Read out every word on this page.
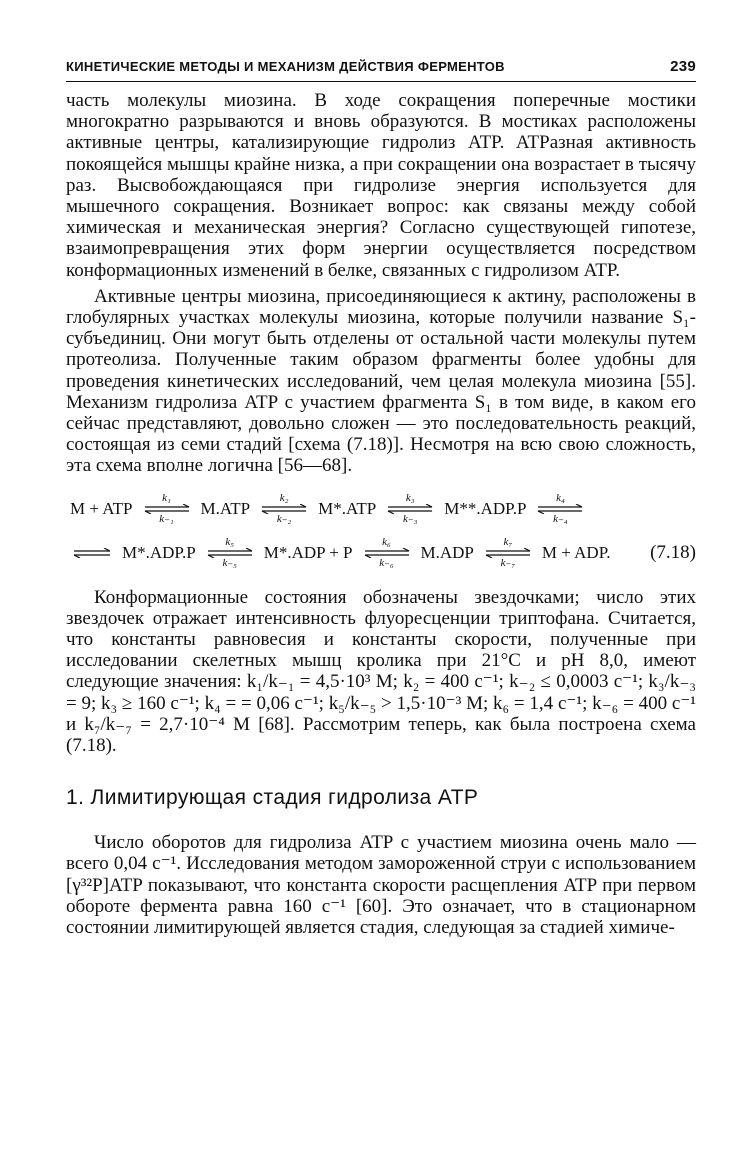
КИНЕТИЧЕСКИЕ МЕТОДЫ И МЕХАНИЗМ ДЕЙСТВИЯ ФЕРМЕНТОВ	239

часть молекулы миозина. В ходе сокращения поперечные мостики многократно разрываются и вновь образуются. В мостиках расположены активные центры, катализирующие гидролиз ATP. ATPазная активность покоящейся мышцы крайне низка, а при сокращении она возрастает в тысячу раз. Высвобождающаяся при гидролизе энергия используется для мышечного сокращения. Возникает вопрос: как связаны между собой химическая и механическая энергия? Согласно существующей гипотезе, взаимопревращения этих форм энергии осуществляется посредством конформационных изменений в белке, связанных с гидролизом ATP.

Активные центры миозина, присоединяющиеся к актину, расположены в глобулярных участках молекулы миозина, которые получили название S₁-субъединиц. Они могут быть отделены от остальной части молекулы путем протеолиза. Полученные таким образом фрагменты более удобны для проведения кинетических исследований, чем целая молекула миозина [55]. Механизм гидролиза ATP с участием фрагмента S₁ в том виде, в каком его сейчас представляют, довольно сложен — это последовательность реакций, состоящая из семи стадий [схема (7.18)]. Несмотря на всю свою сложность, эта схема вполне логична [56—68].

M + ATP
k₁
k₋₁
M.ATP
k₂
k₋₂
M*.ATP
k₃
k₋₃
M**.ADP.P
k₄
k₋₄
M*.ADP.P
k₅
k₋₅
M*.ADP + P
k₆
k₋₆
M.ADP
k₇
k₋₇
M + ADP. (7.18)

Конформационные состояния обозначены звездочками; число этих звездочек отражает интенсивность флуоресценции триптофана. Считается, что константы равновесия и константы скорости, полученные при исследовании скелетных мышц кролика при 21°C и pH 8,0, имеют следующие значения: k₁/k₋₁ = 4,5·10³ M; k₂ = 400 с⁻¹; k₋₂ ≤ 0,0003 с⁻¹; k₃/k₋₃ = 9; k₃ ≥ 160 с⁻¹; k₄ = = 0,06 с⁻¹; k₅/k₋₅ > 1,5·10⁻³ M; k₆ = 1,4 с⁻¹; k₋₆ = 400 с⁻¹ и k₇/k₋₇ = 2,7·10⁻⁴ M [68]. Рассмотрим теперь, как была построена схема (7.18).

1. Лимитирующая стадия гидролиза ATP

Число оборотов для гидролиза ATP с участием миозина очень мало — всего 0,04 с⁻¹. Исследования методом замороженной струи с использованием [γ³²P]ATP показывают, что константа скорости расщепления ATP при первом обороте фермента равна 160 с⁻¹ [60]. Это означает, что в стационарном состоянии лимитирующей является стадия, следующая за стадией химиче-
